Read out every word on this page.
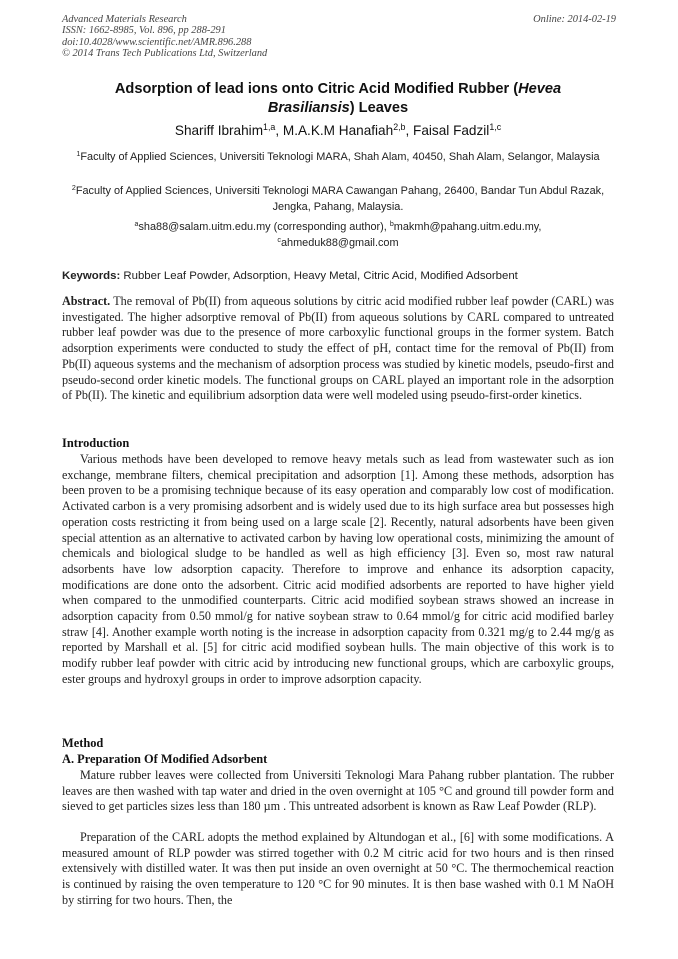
Advanced Materials Research
ISSN: 1662-8985, Vol. 896, pp 288-291
doi:10.4028/www.scientific.net/AMR.896.288
© 2014 Trans Tech Publications Ltd, Switzerland
Online: 2014-02-19
Adsorption of lead ions onto Citric Acid Modified Rubber (Hevea
Brasiliansis) Leaves
Shariff Ibrahim$^{1,a}$, M.A.K.M Hanafiah$^{2,b}$, Faisal Fadzil$^{1,c}$
$^1$Faculty of Applied Sciences, Universiti Teknologi MARA, Shah Alam, 40450, Shah Alam, Selangor, Malaysia
$^2$Faculty of Applied Sciences, Universiti Teknologi MARA Cawangan Pahang, 26400, Bandar Tun Abdul Razak, Jengka, Pahang, Malaysia.
$^a$sha88@salam.uitm.edu.my (corresponding author), $^b$makmh@pahang.uitm.edu.my,
$^c$ahmeduk88@gmail.com
Keywords: Rubber Leaf Powder, Adsorption, Heavy Metal, Citric Acid, Modified Adsorbent
Abstract. The removal of Pb(II) from aqueous solutions by citric acid modified rubber leaf powder (CARL) was investigated. The higher adsorptive removal of Pb(II) from aqueous solutions by CARL compared to untreated rubber leaf powder was due to the presence of more carboxylic functional groups in the former system. Batch adsorption experiments were conducted to study the effect of pH, contact time for the removal of Pb(II) from Pb(II) aqueous systems and the mechanism of adsorption process was studied by kinetic models, pseudo-first and pseudo-second order kinetic models. The functional groups on CARL played an important role in the adsorption of Pb(II). The kinetic and equilibrium adsorption data were well modeled using pseudo-first-order kinetics.
Introduction
Various methods have been developed to remove heavy metals such as lead from wastewater such as ion exchange, membrane filters, chemical precipitation and adsorption [1]. Among these methods, adsorption has been proven to be a promising technique because of its easy operation and comparably low cost of modification. Activated carbon is a very promising adsorbent and is widely used due to its high surface area but possesses high operation costs restricting it from being used on a large scale [2]. Recently, natural adsorbents have been given special attention as an alternative to activated carbon by having low operational costs, minimizing the amount of chemicals and biological sludge to be handled as well as high efficiency [3]. Even so, most raw natural adsorbents have low adsorption capacity. Therefore to improve and enhance its adsorption capacity, modifications are done onto the adsorbent. Citric acid modified adsorbents are reported to have higher yield when compared to the unmodified counterparts. Citric acid modified soybean straws showed an increase in adsorption capacity from 0.50 mmol/g for native soybean straw to 0.64 mmol/g for citric acid modified barley straw [4]. Another example worth noting is the increase in adsorption capacity from 0.321 mg/g to 2.44 mg/g as reported by Marshall et al. [5] for citric acid modified soybean hulls. The main objective of this work is to modify rubber leaf powder with citric acid by introducing new functional groups, which are carboxylic groups, ester groups and hydroxyl groups in order to improve adsorption capacity.
Method
A. Preparation Of Modified Adsorbent
Mature rubber leaves were collected from Universiti Teknologi Mara Pahang rubber plantation. The rubber leaves are then washed with tap water and dried in the oven overnight at 105 °C and ground till powder form and sieved to get particles sizes less than 180 µm . This untreated adsorbent is known as Raw Leaf Powder (RLP).
Preparation of the CARL adopts the method explained by Altundogan et al., [6] with some modifications. A measured amount of RLP powder was stirred together with 0.2 M citric acid for two hours and is then rinsed extensively with distilled water. It was then put inside an oven overnight at 50 °C. The thermochemical reaction is continued by raising the oven temperature to 120 °C for 90 minutes. It is then base washed with 0.1 M NaOH by stirring for two hours. Then, the
